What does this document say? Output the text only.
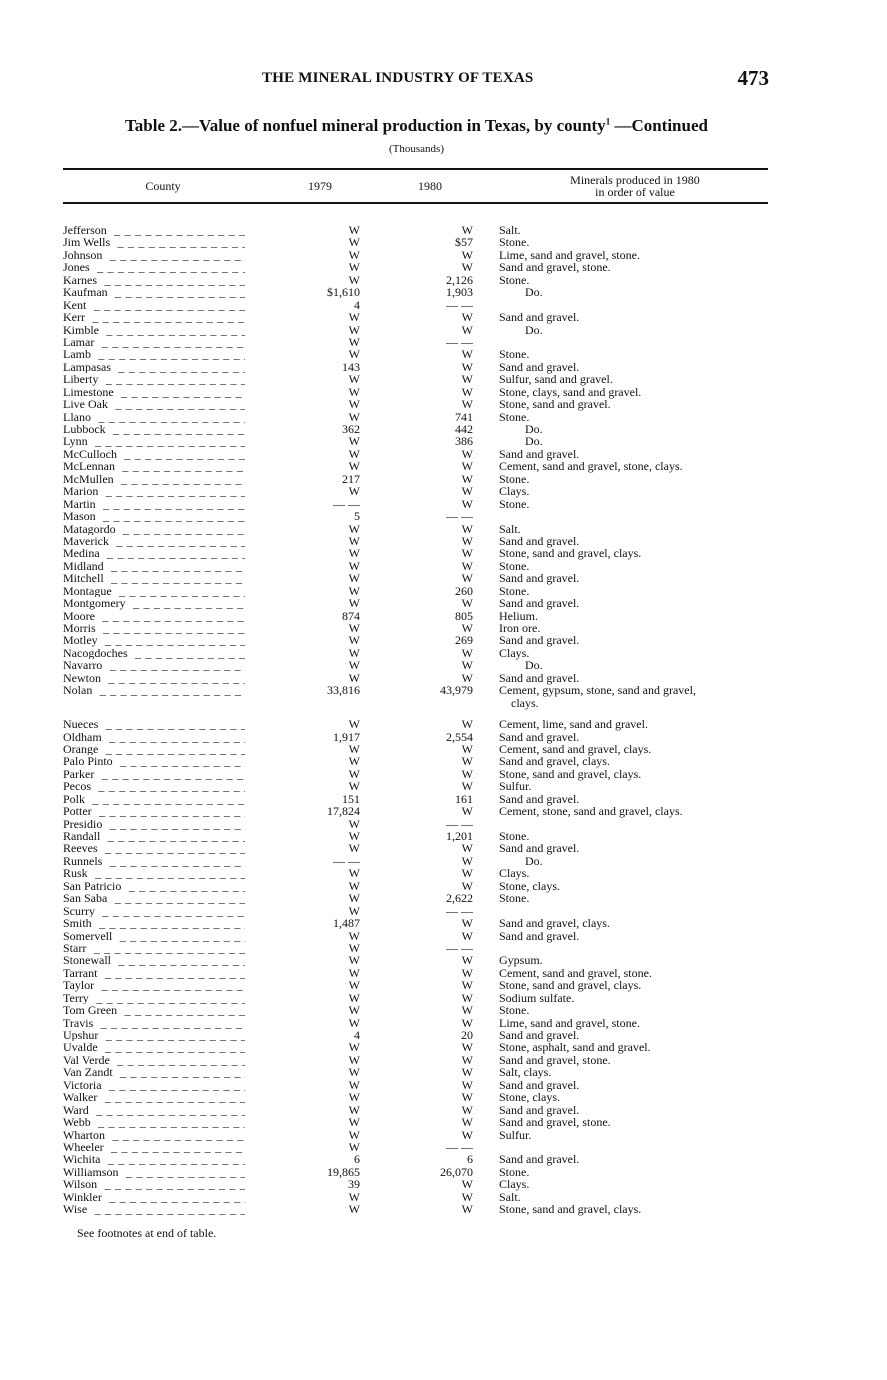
THE MINERAL INDUSTRY OF TEXAS	473
Table 2.—Value of nonfuel mineral production in Texas, by county$^1$ —Continued
(Thousands)
County	1979	1980	Minerals produced in 1980
in order of value
Jefferson _ _ _	W	W Salt.
Jim Wells _ _ _	W	$57 Stone.
Johnson _ _ _	W	W Lime, sand and gravel, stone.
Jones _ _ _	W	W Sand and gravel, stone.
Karnes _ _ _	W	2,126 Stone.
Kaufman _ _ _	$1,610	1,903	Do.
Kent _ _ _	4	— —
Kerr _ _ _	W	W Sand and gravel.
Kimble _ _ _	W	W	Do.
Lamar _ _ _	W	— —
Lamb _ _ _	W	W Stone.
Lampasas _ _ _	143	W Sand and gravel.
Liberty _ _ _	W	W Sulfur, sand and gravel.
Limestone _ _ _	W	W Stone, clays, sand and gravel.
Live Oak _ _ _	W	W Stone, sand and gravel.
Llano _ _ _	W	741 Stone.
Lubbock _ _ _	362	442	Do.
Lynn _ _ _	W	386	Do.
McCulloch _ _ _	W	W Sand and gravel.
McLennan _ _ _	W	W Cement, sand and gravel, stone, clays.
McMullen _ _ _	217	W Stone.
Marion _ _ _	W	W Clays.
Martin _ _ _	— —	W Stone.
Mason _ _ _	5	— —
Matagordo _ _ _	W	W Salt.
Maverick _ _ _	W	W Sand and gravel.
Medina _ _ _	W	W Stone, sand and gravel, clays.
Midland _ _ _	W	W Stone.
Mitchell _ _ _	W	W Sand and gravel.
Montague _ _ _	W	260 Stone.
Montgomery _ _ _	W	W Sand and gravel.
Moore _ _ _	874	805 Helium.
Morris _ _ _	W	W Iron ore.
Motley _ _ _	W	269 Sand and gravel.
Nacogdoches _ _ _	W	W Clays.
Navarro _ _ _	W	W	Do.
Newton _ _ _	W	W Sand and gravel.
Nolan _ _ _	33,816	43,979 Cement, gypsum, stone, sand and gravel,
clays.
Nueces _ _ _	W	W Cement, lime, sand and gravel.
Oldham _ _ _	1,917	2,554 Sand and gravel.
Orange _ _ _	W	W Cement, sand and gravel, clays.
Palo Pinto _ _ _	W	W Sand and gravel, clays.
Parker _ _ _	W	W Stone, sand and gravel, clays.
Pecos _ _ _	W	W Sulfur.
Polk _ _ _	151	161 Sand and gravel.
Potter _ _ _	17,824	W Cement, stone, sand and gravel, clays.
Presidio _ _ _	W	— —
Randall _ _ _	W	1,201 Stone.
Reeves _ _ _	W	W Sand and gravel.
Runnels _ _ _	— —	W	Do.
Rusk _ _ _	W	W Clays.
San Patricio _ _ _	W	W Stone, clays.
San Saba _ _ _	W	2,622 Stone.
Scurry _ _ _	W	— —
Smith _ _ _	1,487	W Sand and gravel, clays.
Somervell _ _ _	W	W Sand and gravel.
Starr _ _ _	W	— —
Stonewall _ _ _	W	W Gypsum.
Tarrant _ _ _	W	W Cement, sand and gravel, stone.
Taylor _ _ _	W	W Stone, sand and gravel, clays.
Terry _ _ _	W	W Sodium sulfate.
Tom Green _ _ _	W	W Stone.
Travis _ _ _	W	W Lime, sand and gravel, stone.
Upshur _ _ _	4	20 Sand and gravel.
Uvalde _ _ _	W	W Stone, asphalt, sand and gravel.
Val Verde _ _ _	W	W Sand and gravel, stone.
Van Zandt _ _ _	W	W Salt, clays.
Victoria _ _ _	W	W Sand and gravel.
Walker _ _ _	W	W Stone, clays.
Ward _ _ _	W	W Sand and gravel.
Webb _ _ _	W	W Sand and gravel, stone.
Wharton _ _ _	W	W Sulfur.
Wheeler _ _ _	W	— —
Wichita _ _ _	6	6 Sand and gravel.
Williamson _ _ _	19,865	26,070 Stone.
Wilson _ _ _	39	W Clays.
Winkler _ _ _	W	W Salt.
Wise _ _ _	W	W Stone, sand and gravel, clays.
See footnotes at end of table.
